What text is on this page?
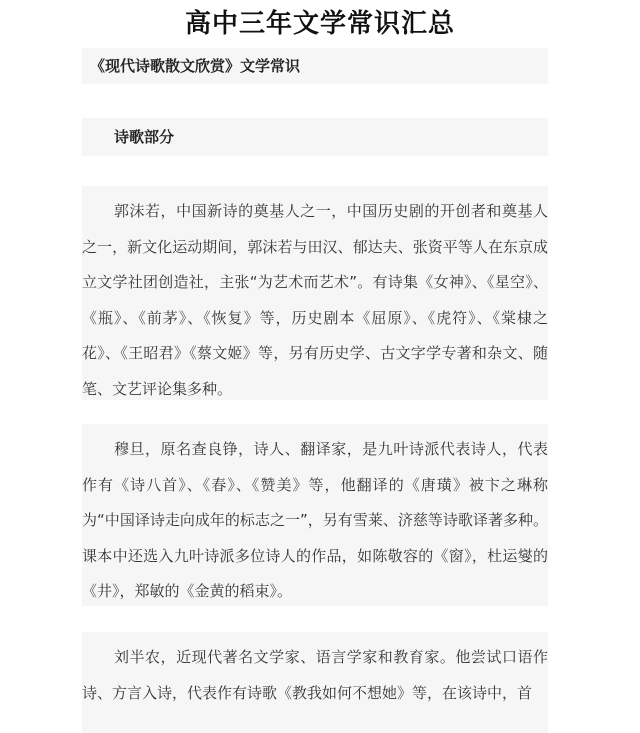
高中三年文学常识汇总
《现代诗歌散文欣赏》文学常识
诗歌部分
郭沫若，中国新诗的奠基人之一，中国历史剧的开创者和奠基人之一，新文化运动期间，郭沫若与田汉、郁达夫、张资平等人在东京成立文学社团创造社，主张“为艺术而艺术”。有诗集《女神》、《星空》、《瓶》、《前茅》、《恢复》等，历史剧本《屈原》、《虎符》、《棠棣之花》、《王昭君》《蔡文姬》等，另有历史学、古文字学专著和杂文、随笔、文艺评论集多种。
穆旦，原名查良铮，诗人、翻译家，是九叶诗派代表诗人，代表作有《诗八首》、《春》、《赞美》等，他翻译的《唐璜》被卞之琳称为“中国译诗走向成年的标志之一”，另有雪莱、济慈等诗歌译著多种。课本中还选入九叶诗派多位诗人的作品，如陈敬容的《窗》，杜运燮的《井》，郑敏的《金黄的稻束》。
刘半农，近现代著名文学家、语言学家和教育家。他尝试口语作诗、方言入诗，代表作有诗歌《教我如何不想她》等，在该诗中，首
